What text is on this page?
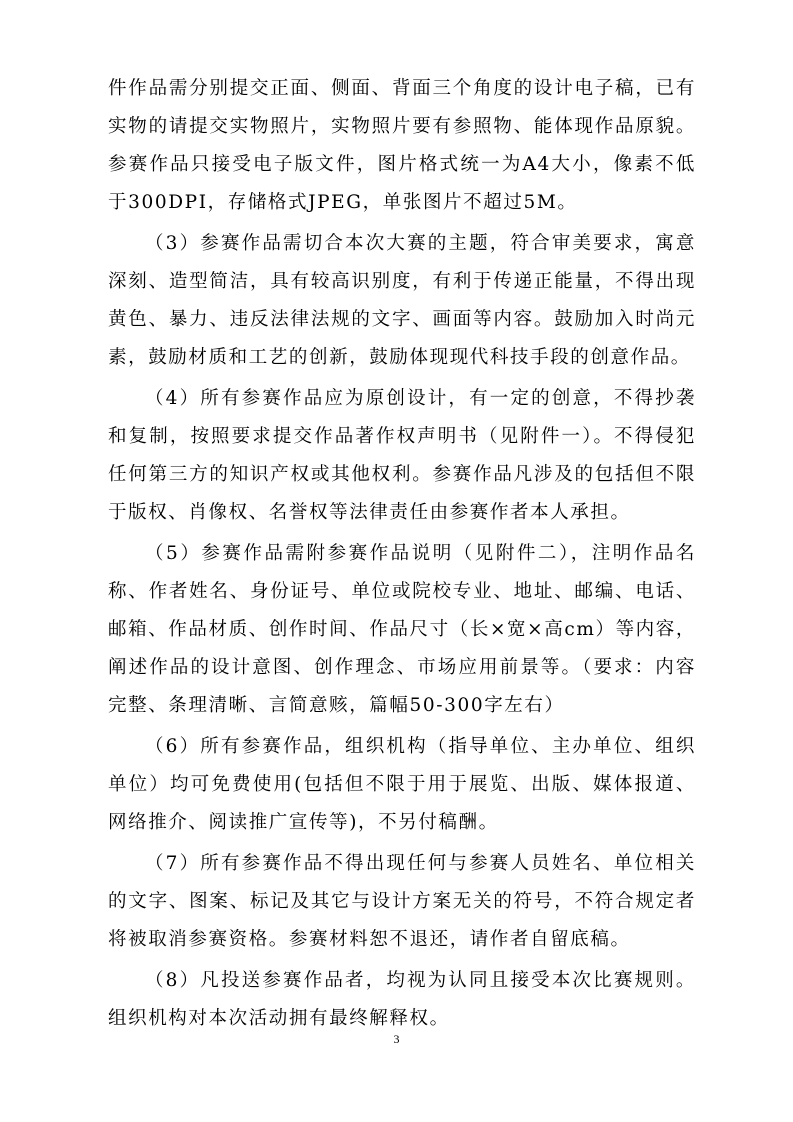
件作品需分别提交正面、侧面、背面三个角度的设计电子稿，已有实物的请提交实物照片，实物照片要有参照物、能体现作品原貌。参赛作品只接受电子版文件，图片格式统一为A4大小，像素不低于300DPI，存储格式JPEG，单张图片不超过5M。

（3）参赛作品需切合本次大赛的主题，符合审美要求，寓意深刻、造型简洁，具有较高识别度，有利于传递正能量，不得出现黄色、暴力、违反法律法规的文字、画面等内容。鼓励加入时尚元素，鼓励材质和工艺的创新，鼓励体现现代科技手段的创意作品。

（4）所有参赛作品应为原创设计，有一定的创意，不得抄袭和复制，按照要求提交作品著作权声明书（见附件一）。不得侵犯任何第三方的知识产权或其他权利。参赛作品凡涉及的包括但不限于版权、肖像权、名誉权等法律责任由参赛作者本人承担。

（5）参赛作品需附参赛作品说明（见附件二），注明作品名称、作者姓名、身份证号、单位或院校专业、地址、邮编、电话、邮箱、作品材质、创作时间、作品尺寸（长×宽×高cm）等内容，阐述作品的设计意图、创作理念、市场应用前景等。（要求：内容完整、条理清晰、言简意赅，篇幅50-300字左右）

（6）所有参赛作品，组织机构（指导单位、主办单位、组织单位）均可免费使用(包括但不限于用于展览、出版、媒体报道、网络推介、阅读推广宣传等)，不另付稿酬。

（7）所有参赛作品不得出现任何与参赛人员姓名、单位相关的文字、图案、标记及其它与设计方案无关的符号，不符合规定者将被取消参赛资格。参赛材料恕不退还，请作者自留底稿。

（8）凡投送参赛作品者，均视为认同且接受本次比赛规则。组织机构对本次活动拥有最终解释权。

3
